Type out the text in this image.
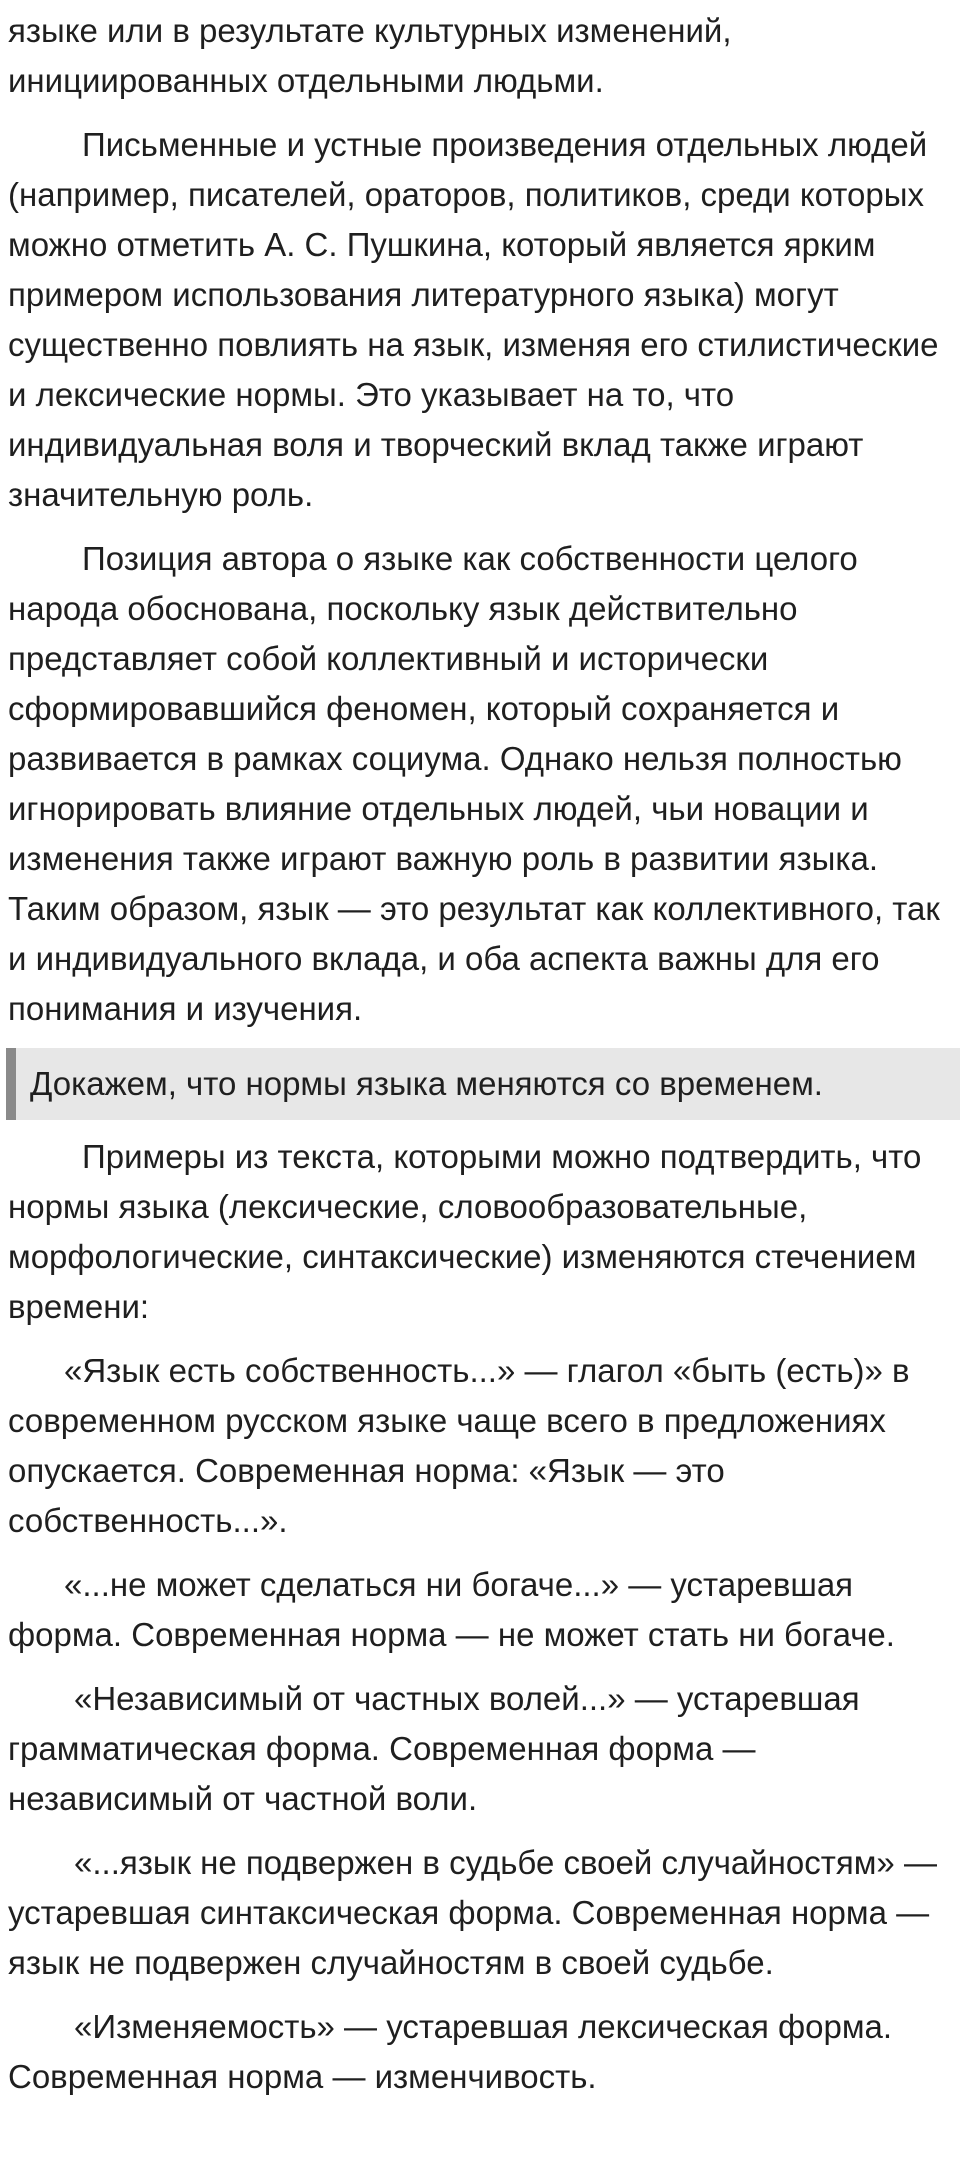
языке или в результате культурных изменений, инициированных отдельными людьми.

Письменные и устные произведения отдельных людей (например, писателей, ораторов, политиков, среди которых можно отметить А. С. Пушкина, который является ярким примером использования литературного языка) могут существенно повлиять на язык, изменяя его стилистические и лексические нормы. Это указывает на то, что индивидуальная воля и творческий вклад также играют значительную роль.

Позиция автора о языке как собственности целого народа обоснована, поскольку язык действительно представляет собой коллективный и исторически сформировавшийся феномен, который сохраняется и развивается в рамках социума. Однако нельзя полностью игнорировать влияние отдельных людей, чьи новации и изменения также играют важную роль в развитии языка. Таким образом, язык — это результат как коллективного, так и индивидуального вклада, и оба аспекта важны для его понимания и изучения.

Докажем, что нормы языка меняются со временем.

Примеры из текста, которыми можно подтвердить, что нормы языка (лексические, словообразовательные, морфологические, синтаксические) изменяются стечением времени:

«Язык есть собственность...» — глагол «быть (есть)» в современном русском языке чаще всего в предложениях опускается. Современная норма: «Язык — это собственность...».

«...не может сделаться ни богаче...» — устаревшая форма. Современная норма — не может стать ни богаче.

«Независимый от частных волей...» — устаревшая грамматическая форма. Современная форма — независимый от частной воли.

«...язык не подвержен в судьбе своей случайностям» — устаревшая синтаксическая форма. Современная норма —язык не подвержен случайностям в своей судьбе.

«Изменяемость» — устаревшая лексическая форма. Современная норма — изменчивость.
